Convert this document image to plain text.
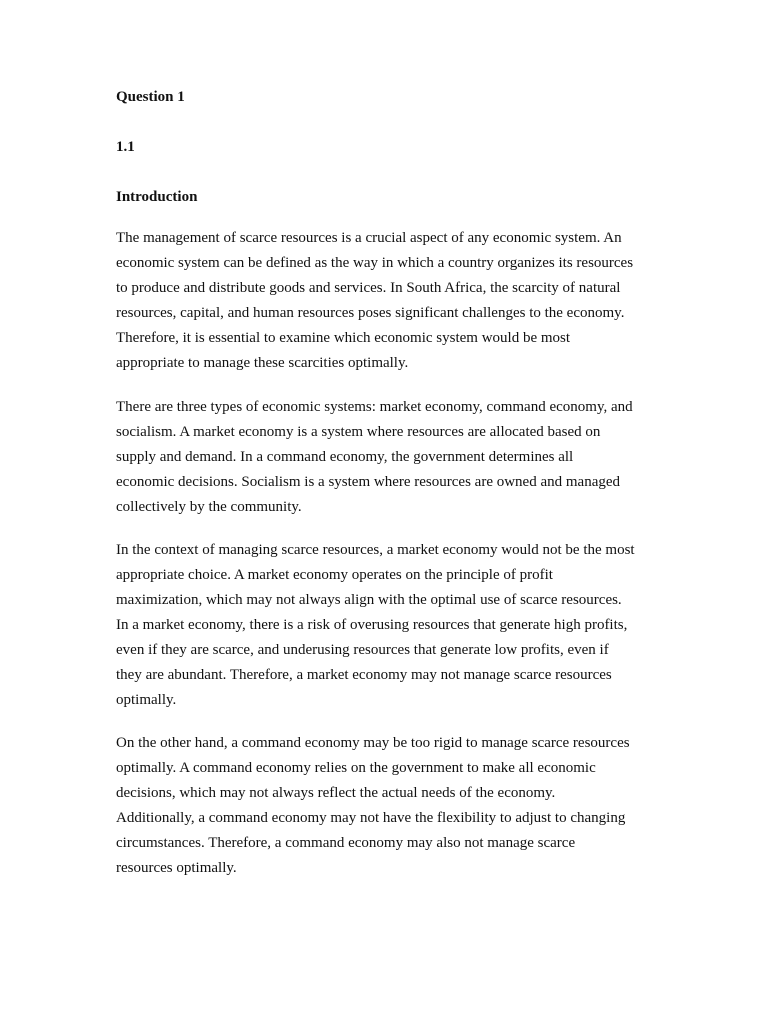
Question 1
1.1
Introduction
The management of scarce resources is a crucial aspect of any economic system. An
economic system can be defined as the way in which a country organizes its resources
to produce and distribute goods and services. In South Africa, the scarcity of natural
resources, capital, and human resources poses significant challenges to the economy.
Therefore, it is essential to examine which economic system would be most
appropriate to manage these scarcities optimally.
There are three types of economic systems: market economy, command economy, and
socialism. A market economy is a system where resources are allocated based on
supply and demand. In a command economy, the government determines all
economic decisions. Socialism is a system where resources are owned and managed
collectively by the community.
In the context of managing scarce resources, a market economy would not be the most
appropriate choice. A market economy operates on the principle of profit
maximization, which may not always align with the optimal use of scarce resources.
In a market economy, there is a risk of overusing resources that generate high profits,
even if they are scarce, and underusing resources that generate low profits, even if
they are abundant. Therefore, a market economy may not manage scarce resources
optimally.
On the other hand, a command economy may be too rigid to manage scarce resources
optimally. A command economy relies on the government to make all economic
decisions, which may not always reflect the actual needs of the economy.
Additionally, a command economy may not have the flexibility to adjust to changing
circumstances. Therefore, a command economy may also not manage scarce
resources optimally.
